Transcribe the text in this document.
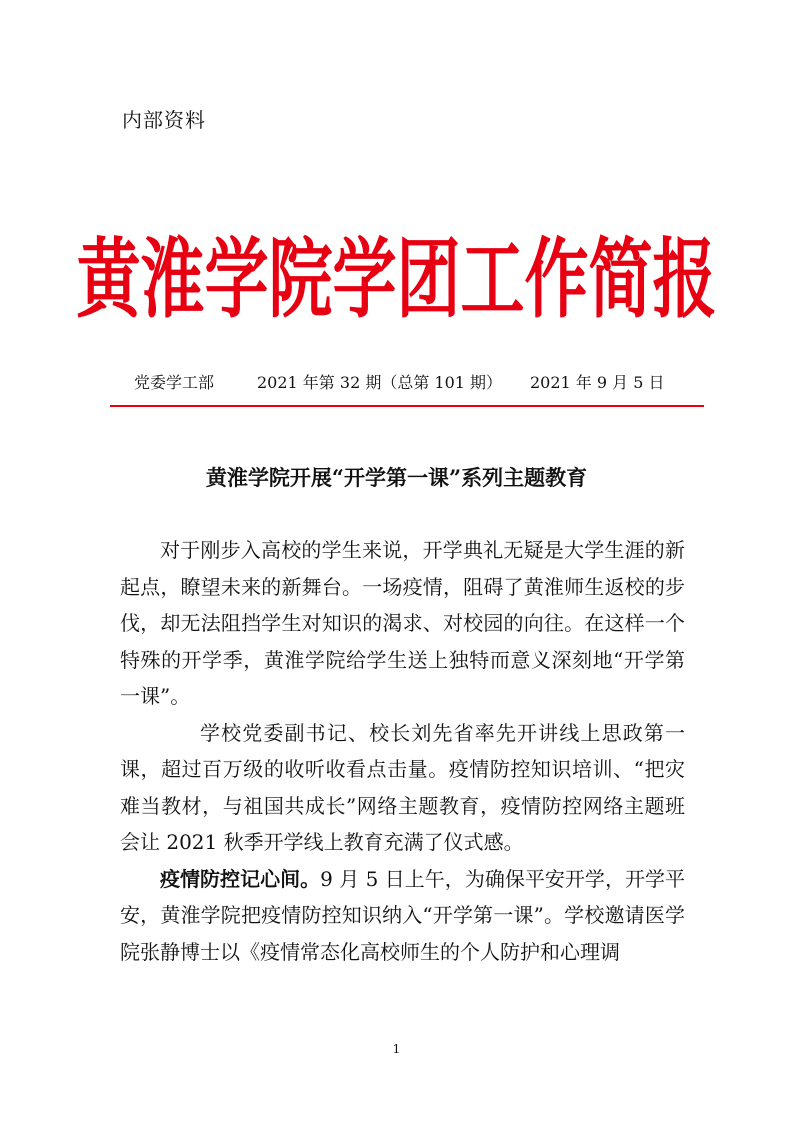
内部资料
黄淮学院学团工作简报
党委学工部	2021 年第 32 期（总第 101 期） 2021 年 9 月 5 日
黄淮学院开展“开学第一课”系列主题教育

对于刚步入高校的学生来说，开学典礼无疑是大学生涯的新起点，瞭望未来的新舞台。一场疫情，阻碍了黄淮师生返校的步伐，却无法阻挡学生对知识的渴求、对校园的向往。在这样一个特殊的开学季，黄淮学院给学生送上独特而意义深刻地“开学第一课”。

学校党委副书记、校长刘先省率先开讲线上思政第一课，超过百万级的收听收看点击量。疫情防控知识培训、“把灾难当教材，与祖国共成长”网络主题教育，疫情防控网络主题班会让 2021 秋季开学线上教育充满了仪式感。

疫情防控记心间。9 月 5 日上午，为确保平安开学，开学平安，黄淮学院把疫情防控知识纳入“开学第一课”。学校邀请医学院张静博士以《疫情常态化高校师生的个人防护和心理调

1
